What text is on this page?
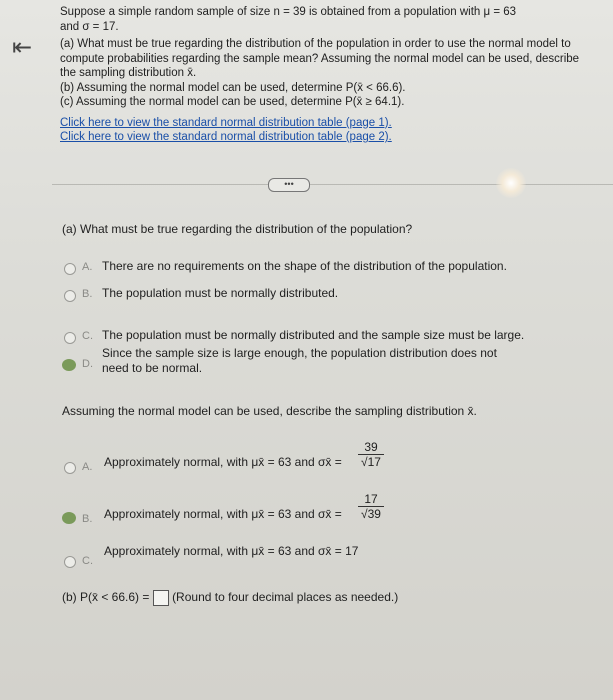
⇤

Suppose a simple random sample of size n = 39 is obtained from a population with μ = 63

and σ = 17.

(a) What must be true regarding the distribution of the population in order to use the normal model to compute probabilities regarding the sample mean? Assuming the normal model can be used, describe the sampling distribution x̄.

(b) Assuming the normal model can be used, determine P(x̄ < 66.6).

(c) Assuming the normal model can be used, determine P(x̄ ≥ 64.1).

Click here to view the standard normal distribution table (page 1).
Click here to view the standard normal distribution table (page 2).
•••
(a) What must be true regarding the distribution of the population?
A. There are no requirements on the shape of the distribution of the population.
B. The population must be normally distributed.
C. The population must be normally distributed and the sample size must be large.
D.
Since the sample size is large enough, the population distribution does not
need to be normal.
Assuming the normal model can be used, describe the sampling distribution x̄.
A. Approximately normal, with μx̄ = 63 and σx̄ = $\frac{39}{√17}$
B. Approximately normal, with μx̄ = 63 and σx̄ = $\frac{17}{√39}$
C.
Approximately normal, with μx̄ = 63 and σx̄ = 17
(b) P(x̄ < 66.6) = (Round to four decimal places as needed.)
